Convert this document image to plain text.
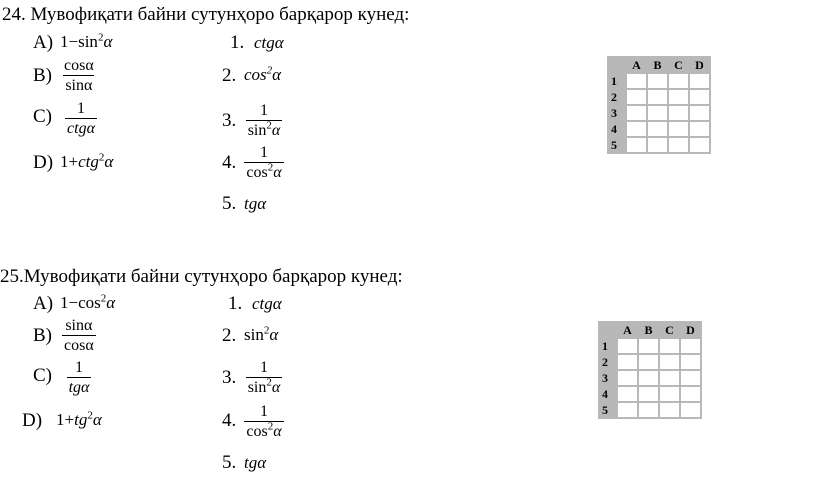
24. Мувофиқати байни сутунҳоро барқарор кунед:
A) $1-\sin^2\alpha$
$B) \frac{\cos\alpha}{\sin\alpha}$
C)	1
ctgα
D) 1+ctg$^2$α
1. ctgα
2. $\cos^2\alpha$
3. $\frac{1}{\sin^2\alpha}$
4. $\frac{1}{\cos^2\alpha}$
5. tgα
	A	B	C	D
1				
2				
3				
4				
5				
25.Мувофиқати байни сутунҳоро барқарор кунед:
A) $1-\cos^2\alpha$
$B) \frac{\sin\alpha}{\cos\alpha}$
C)	1
tgα
D) $1+tg^2\alpha$
1. ctgα
2. $\sin^2\alpha$
3. $\frac{1}{\sin^2\alpha}$
4. $\frac{1}{\cos^2\alpha}$
5. tgα
	A	B	C	D
1				
2				
3				
4				
5				
